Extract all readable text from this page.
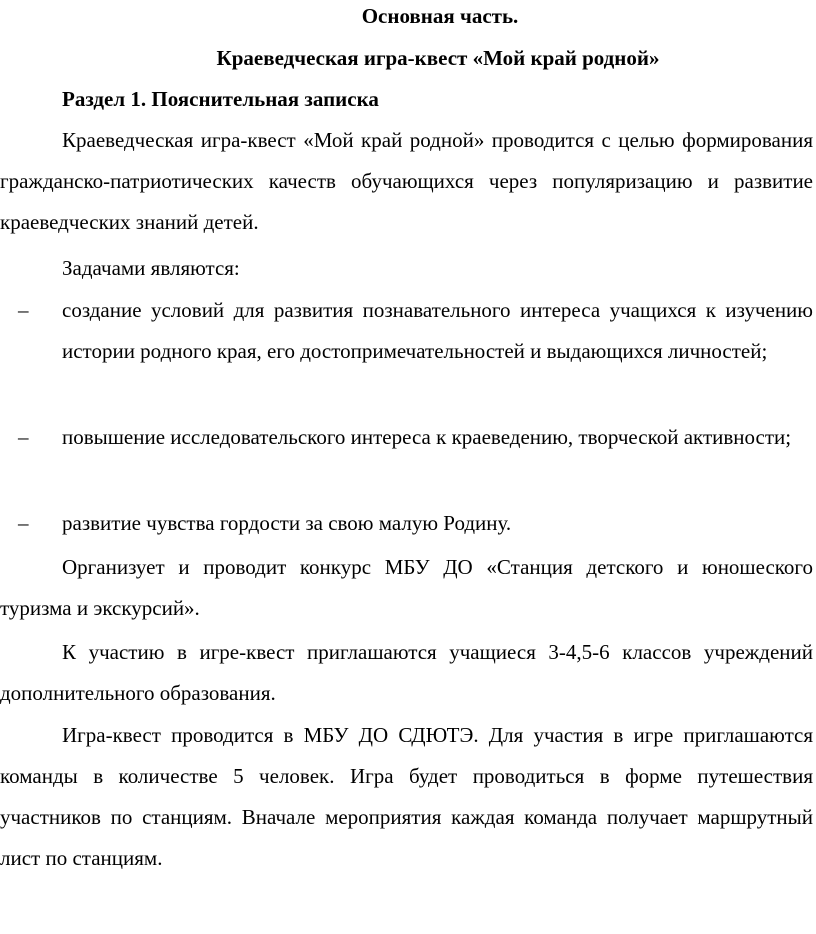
Основная часть.
Краеведческая игра-квест «Мой край родной»
Раздел 1. Пояснительная записка

Краеведческая игра-квест «Мой край родной» проводится с целью формирования гражданско-патриотических качеств обучающихся через популяризацию и развитие краеведческих знаний детей.

Задачами являются:

– создание условий для развития познавательного интереса учащихся к изучению истории родного края, его достопримечательностей и выдающихся личностей;

– повышение исследовательского интереса к краеведению, творческой активности;

– развитие чувства гордости за свою малую Родину.

Организует и проводит конкурс МБУ ДО «Станция детского и юношеского туризма и экскурсий».

К участию в игре-квест приглашаются учащиеся 3-4,5-6 классов учреждений дополнительного образования.

Игра-квест проводится в МБУ ДО СДЮТЭ. Для участия в игре приглашаются команды в количестве 5 человек. Игра будет проводиться в форме путешествия участников по станциям. Вначале мероприятия каждая команда получает маршрутный лист по станциям.
